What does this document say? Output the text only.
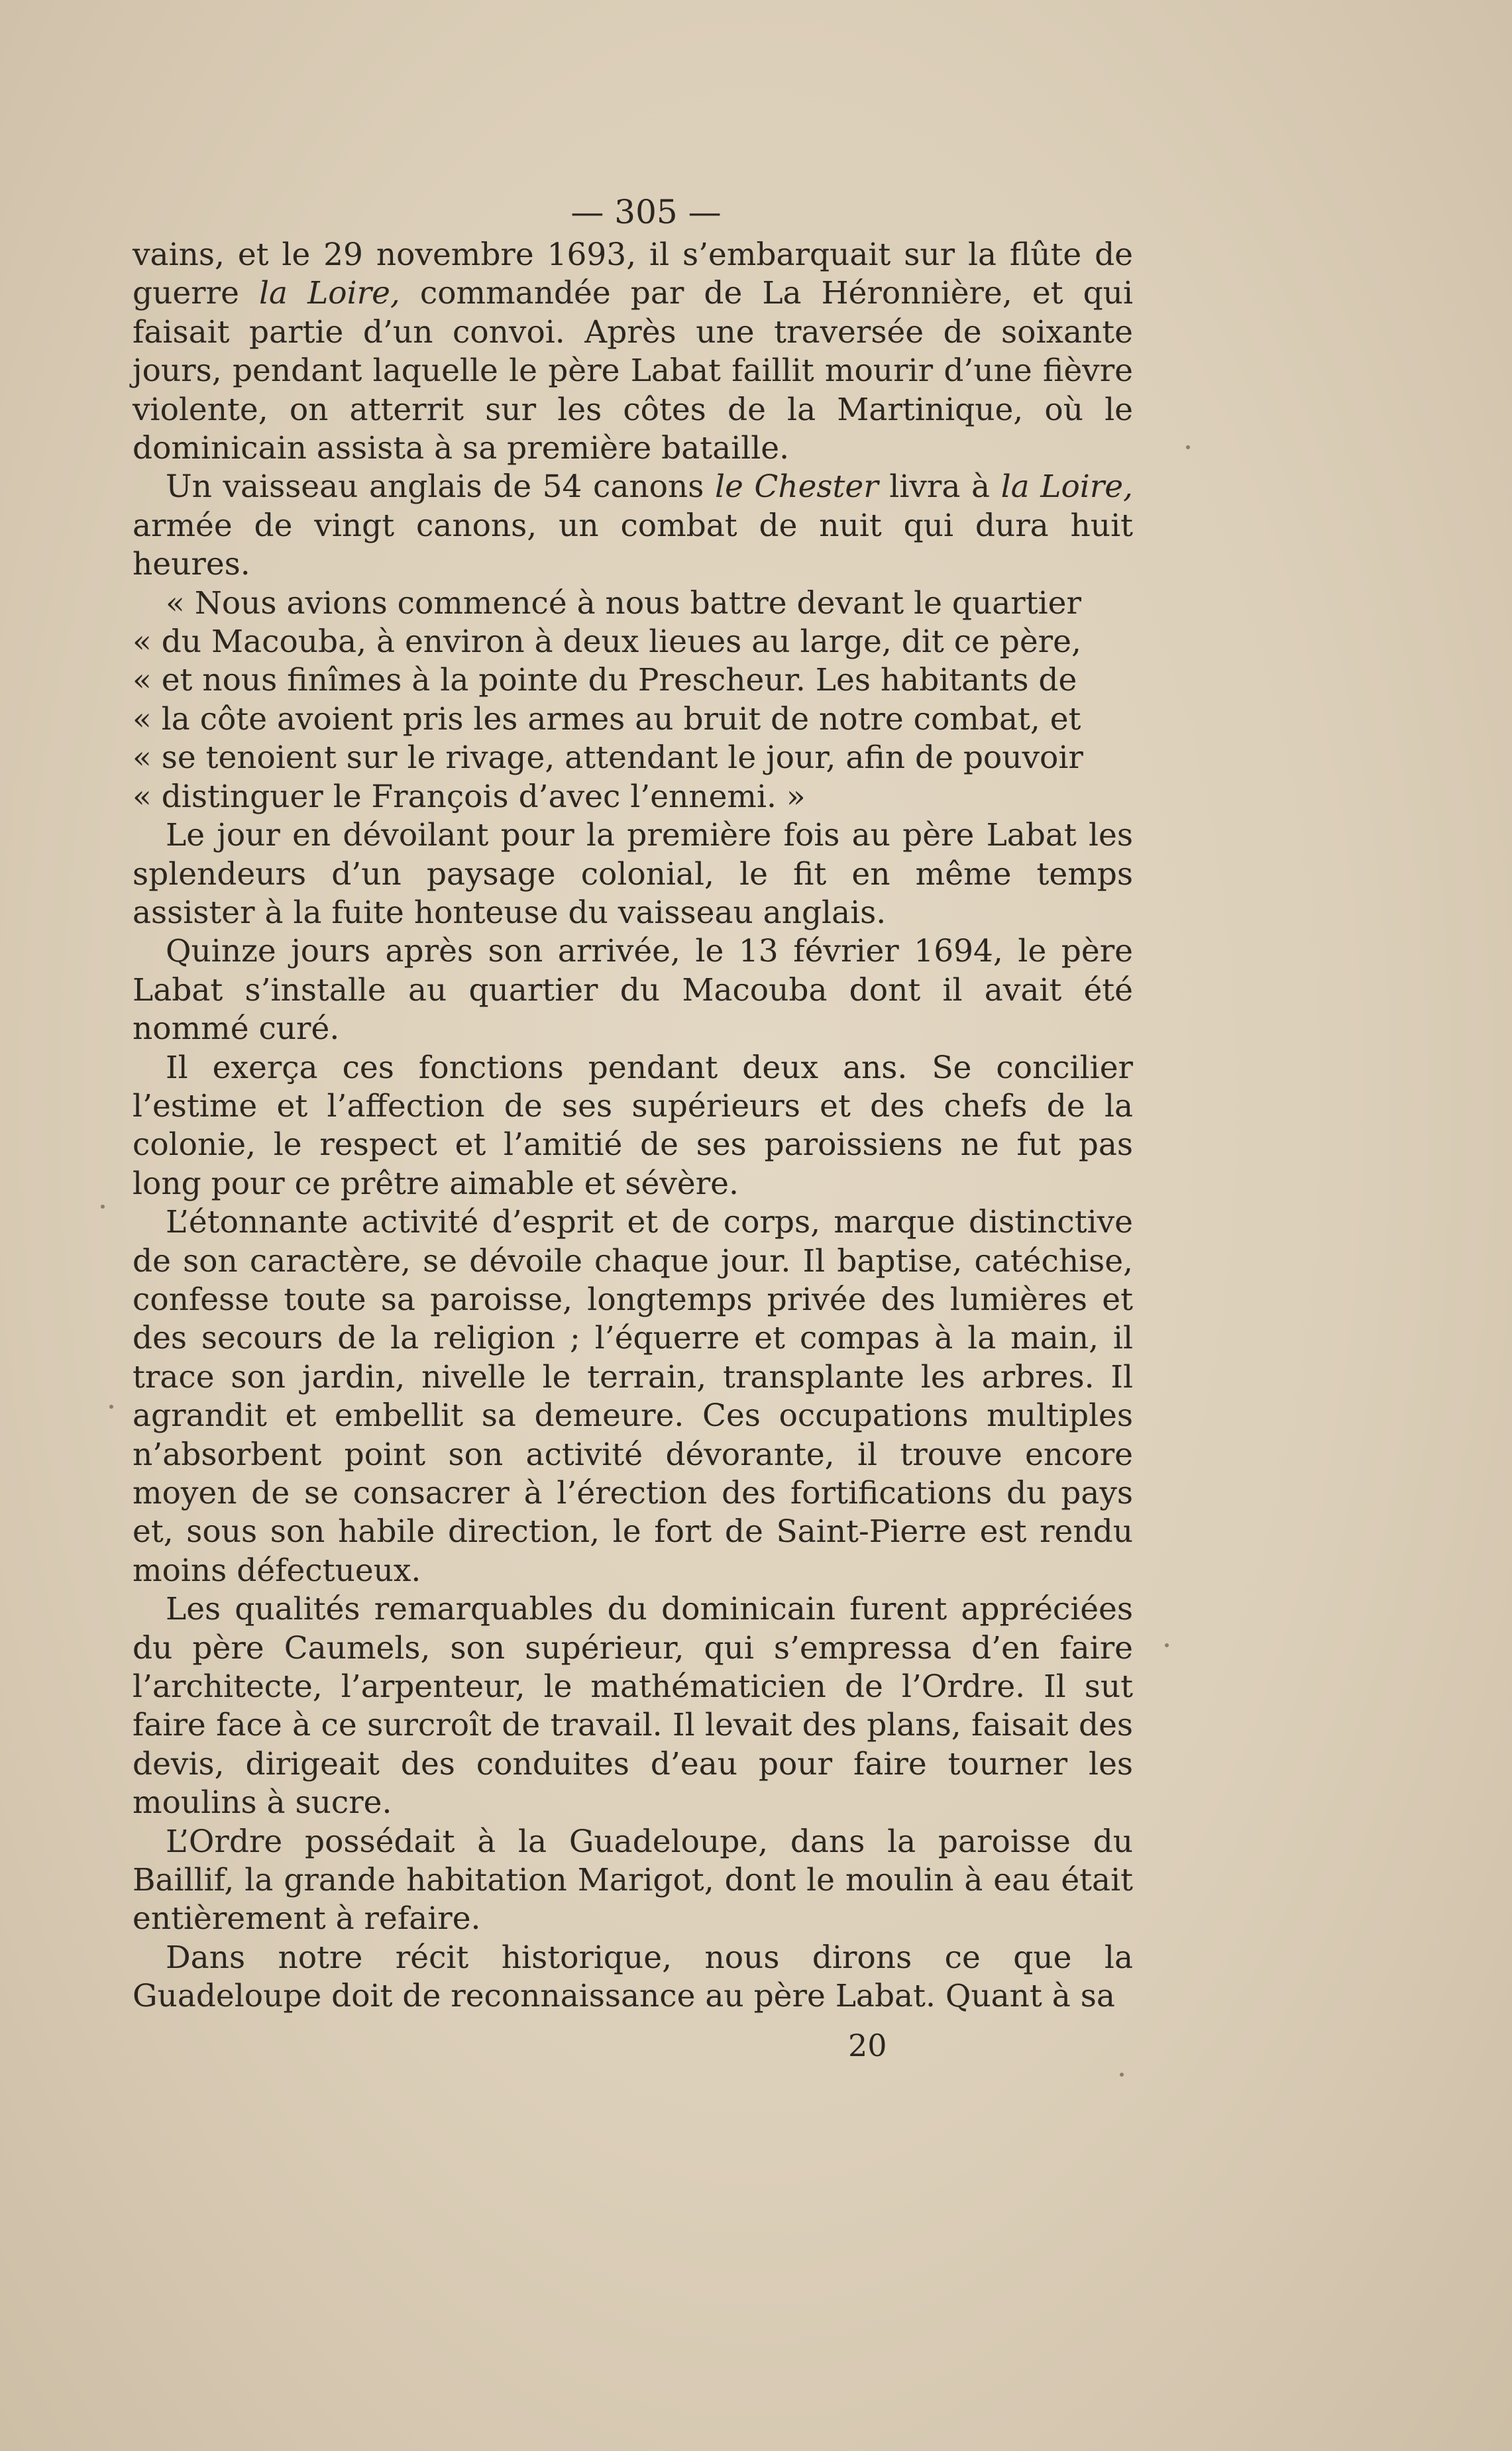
— 305 —

vains, et le 29 novembre 1693, il s’embarquait sur la flûte de guerre la Loire, commandée par de La Héronnière, et qui faisait partie d’un convoi. Après une traversée de soixante jours, pendant laquelle le père Labat faillit mourir d’une fièvre violente, on atterrit sur les côtes de la Martinique, où le dominicain assista à sa première bataille.

Un vaisseau anglais de 54 canons le Chester livra à la Loire, armée de vingt canons, un combat de nuit qui dura huit heures.

« Nous avions commencé à nous battre devant le quartier
« du Macouba, à environ à deux lieues au large, dit ce père,
« et nous finîmes à la pointe du Prescheur. Les habitants de
« la côte avoient pris les armes au bruit de notre combat, et
« se tenoient sur le rivage, attendant le jour, afin de pouvoir
« distinguer le François d’avec l’ennemi. »

Le jour en dévoilant pour la première fois au père Labat les splendeurs d’un paysage colonial, le fit en même temps assister à la fuite honteuse du vaisseau anglais.

Quinze jours après son arrivée, le 13 février 1694, le père Labat s’installe au quartier du Macouba dont il avait été nommé curé.

Il exerça ces fonctions pendant deux ans. Se concilier l’estime et l’affection de ses supérieurs et des chefs de la colonie, le respect et l’amitié de ses paroissiens ne fut pas long pour ce prêtre aimable et sévère.

L’étonnante activité d’esprit et de corps, marque distinctive de son caractère, se dévoile chaque jour. Il baptise, catéchise, confesse toute sa paroisse, longtemps privée des lumières et des secours de la religion ; l’équerre et compas à la main, il trace son jardin, nivelle le terrain, transplante les arbres. Il agrandit et embellit sa demeure. Ces occupations multiples n’absorbent point son activité dévorante, il trouve encore moyen de se consacrer à l’érection des fortifications du pays et, sous son habile direction, le fort de Saint-Pierre est rendu moins défectueux.

Les qualités remarquables du dominicain furent appréciées du père Caumels, son supérieur, qui s’empressa d’en faire l’architecte, l’arpenteur, le mathématicien de l’Ordre. Il sut faire face à ce surcroît de travail. Il levait des plans, faisait des devis, dirigeait des conduites d’eau pour faire tourner les moulins à sucre.

L’Ordre possédait à la Guadeloupe, dans la paroisse du Baillif, la grande habitation Marigot, dont le moulin à eau était entièrement à refaire.

Dans notre récit historique, nous dirons ce que la Guadeloupe doit de reconnaissance au père Labat. Quant à sa

20
